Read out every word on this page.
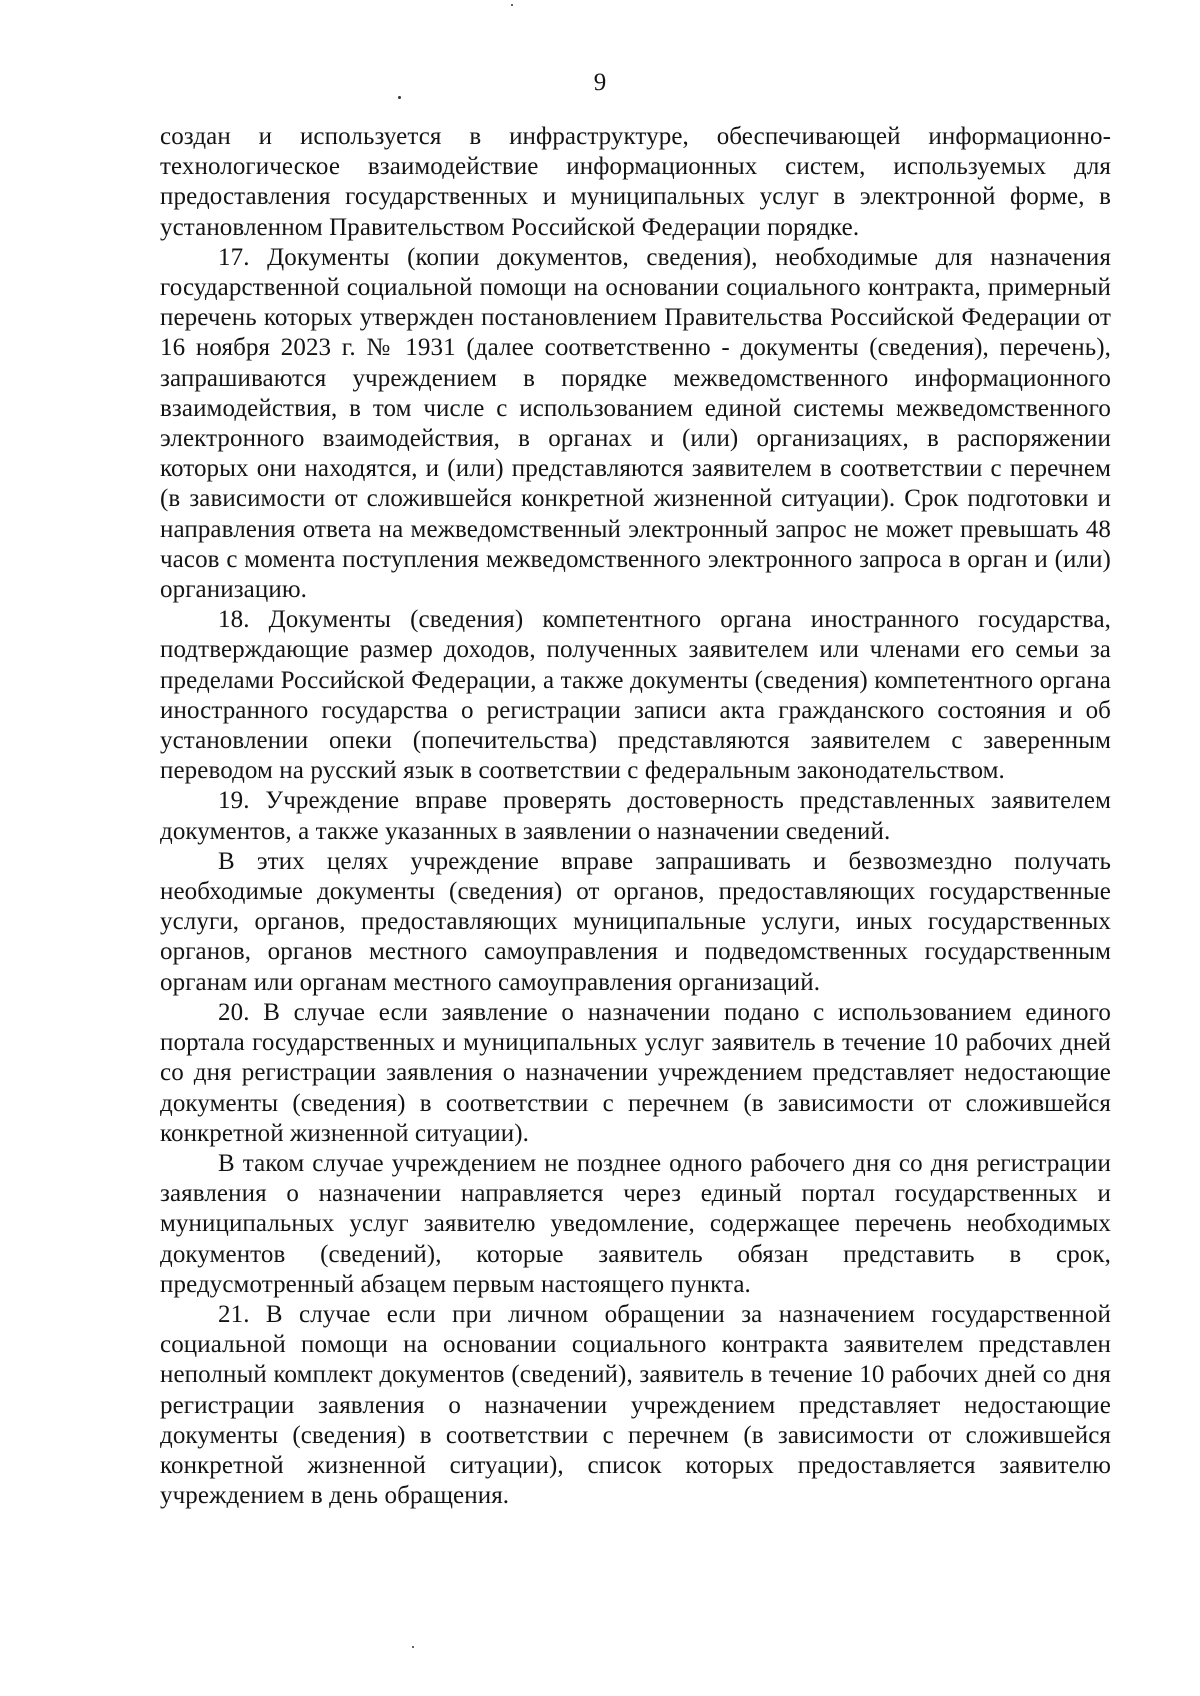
9

создан и используется в инфраструктуре, обеспечивающей информационно-технологическое взаимодействие информационных систем, используемых для предоставления государственных и муниципальных услуг в электронной форме, в установленном Правительством Российской Федерации порядке.

17. Документы (копии документов, сведения), необходимые для назначения государственной социальной помощи на основании социального контракта, примерный перечень которых утвержден постановлением Правительства Российской Федерации от 16 ноября 2023 г. № 1931 (далее соответственно - документы (сведения), перечень), запрашиваются учреждением в порядке межведомственного информационного взаимодействия, в том числе с использованием единой системы межведомственного электронного взаимодействия, в органах и (или) организациях, в распоряжении которых они находятся, и (или) представляются заявителем в соответствии с перечнем (в зависимости от сложившейся конкретной жизненной ситуации). Срок подготовки и направления ответа на межведомственный электронный запрос не может превышать 48 часов с момента поступления межведомственного электронного запроса в орган и (или) организацию.

18. Документы (сведения) компетентного органа иностранного государства, подтверждающие размер доходов, полученных заявителем или членами его семьи за пределами Российской Федерации, а также документы (сведения) компетентного органа иностранного государства о регистрации записи акта гражданского состояния и об установлении опеки (попечительства) представляются заявителем с заверенным переводом на русский язык в соответствии с федеральным законодательством.

19. Учреждение вправе проверять достоверность представленных заявителем документов, а также указанных в заявлении о назначении сведений.

В этих целях учреждение вправе запрашивать и безвозмездно получать необходимые документы (сведения) от органов, предоставляющих государственные услуги, органов, предоставляющих муниципальные услуги, иных государственных органов, органов местного самоуправления и подведомственных государственным органам или органам местного самоуправления организаций.

20. В случае если заявление о назначении подано с использованием единого портала государственных и муниципальных услуг заявитель в течение 10 рабочих дней со дня регистрации заявления о назначении учреждением представляет недостающие документы (сведения) в соответствии с перечнем (в зависимости от сложившейся конкретной жизненной ситуации).

В таком случае учреждением не позднее одного рабочего дня со дня регистрации заявления о назначении направляется через единый портал государственных и муниципальных услуг заявителю уведомление, содержащее перечень необходимых документов (сведений), которые заявитель обязан представить в срок, предусмотренный абзацем первым настоящего пункта.

21. В случае если при личном обращении за назначением государственной социальной помощи на основании социального контракта заявителем представлен неполный комплект документов (сведений), заявитель в течение 10 рабочих дней со дня регистрации заявления о назначении учреждением представляет недостающие документы (сведения) в соответствии с перечнем (в зависимости от сложившейся конкретной жизненной ситуации), список которых предоставляется заявителю учреждением в день обращения.
